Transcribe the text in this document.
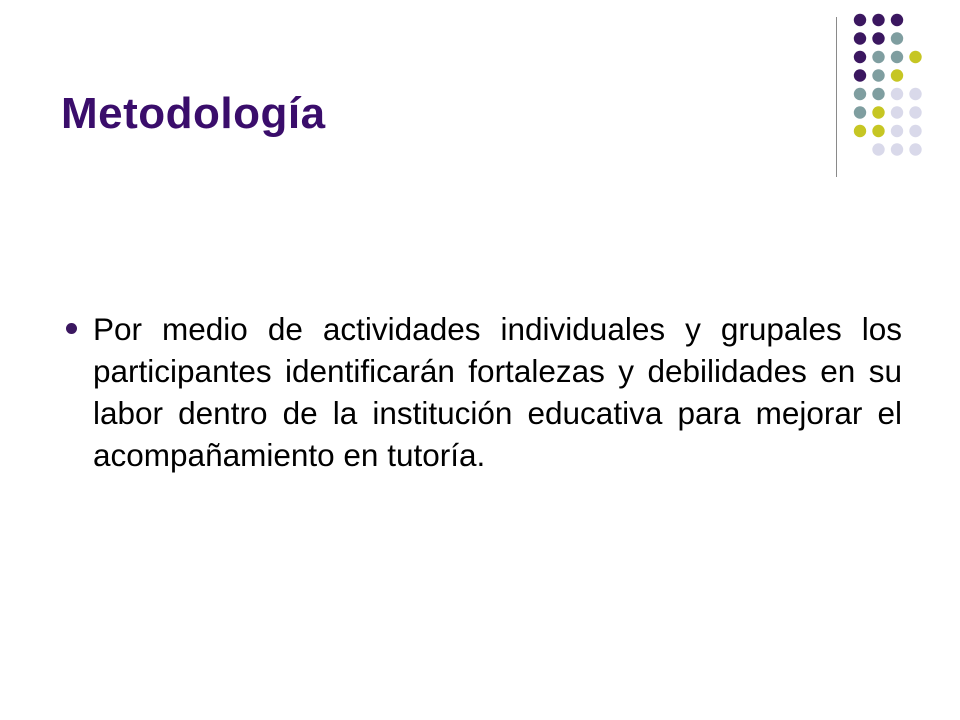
Metodología
Por medio de actividades individuales y grupales los participantes identificarán fortalezas y debilidades en su labor dentro de la institución educativa para mejorar el acompañamiento en tutoría.
